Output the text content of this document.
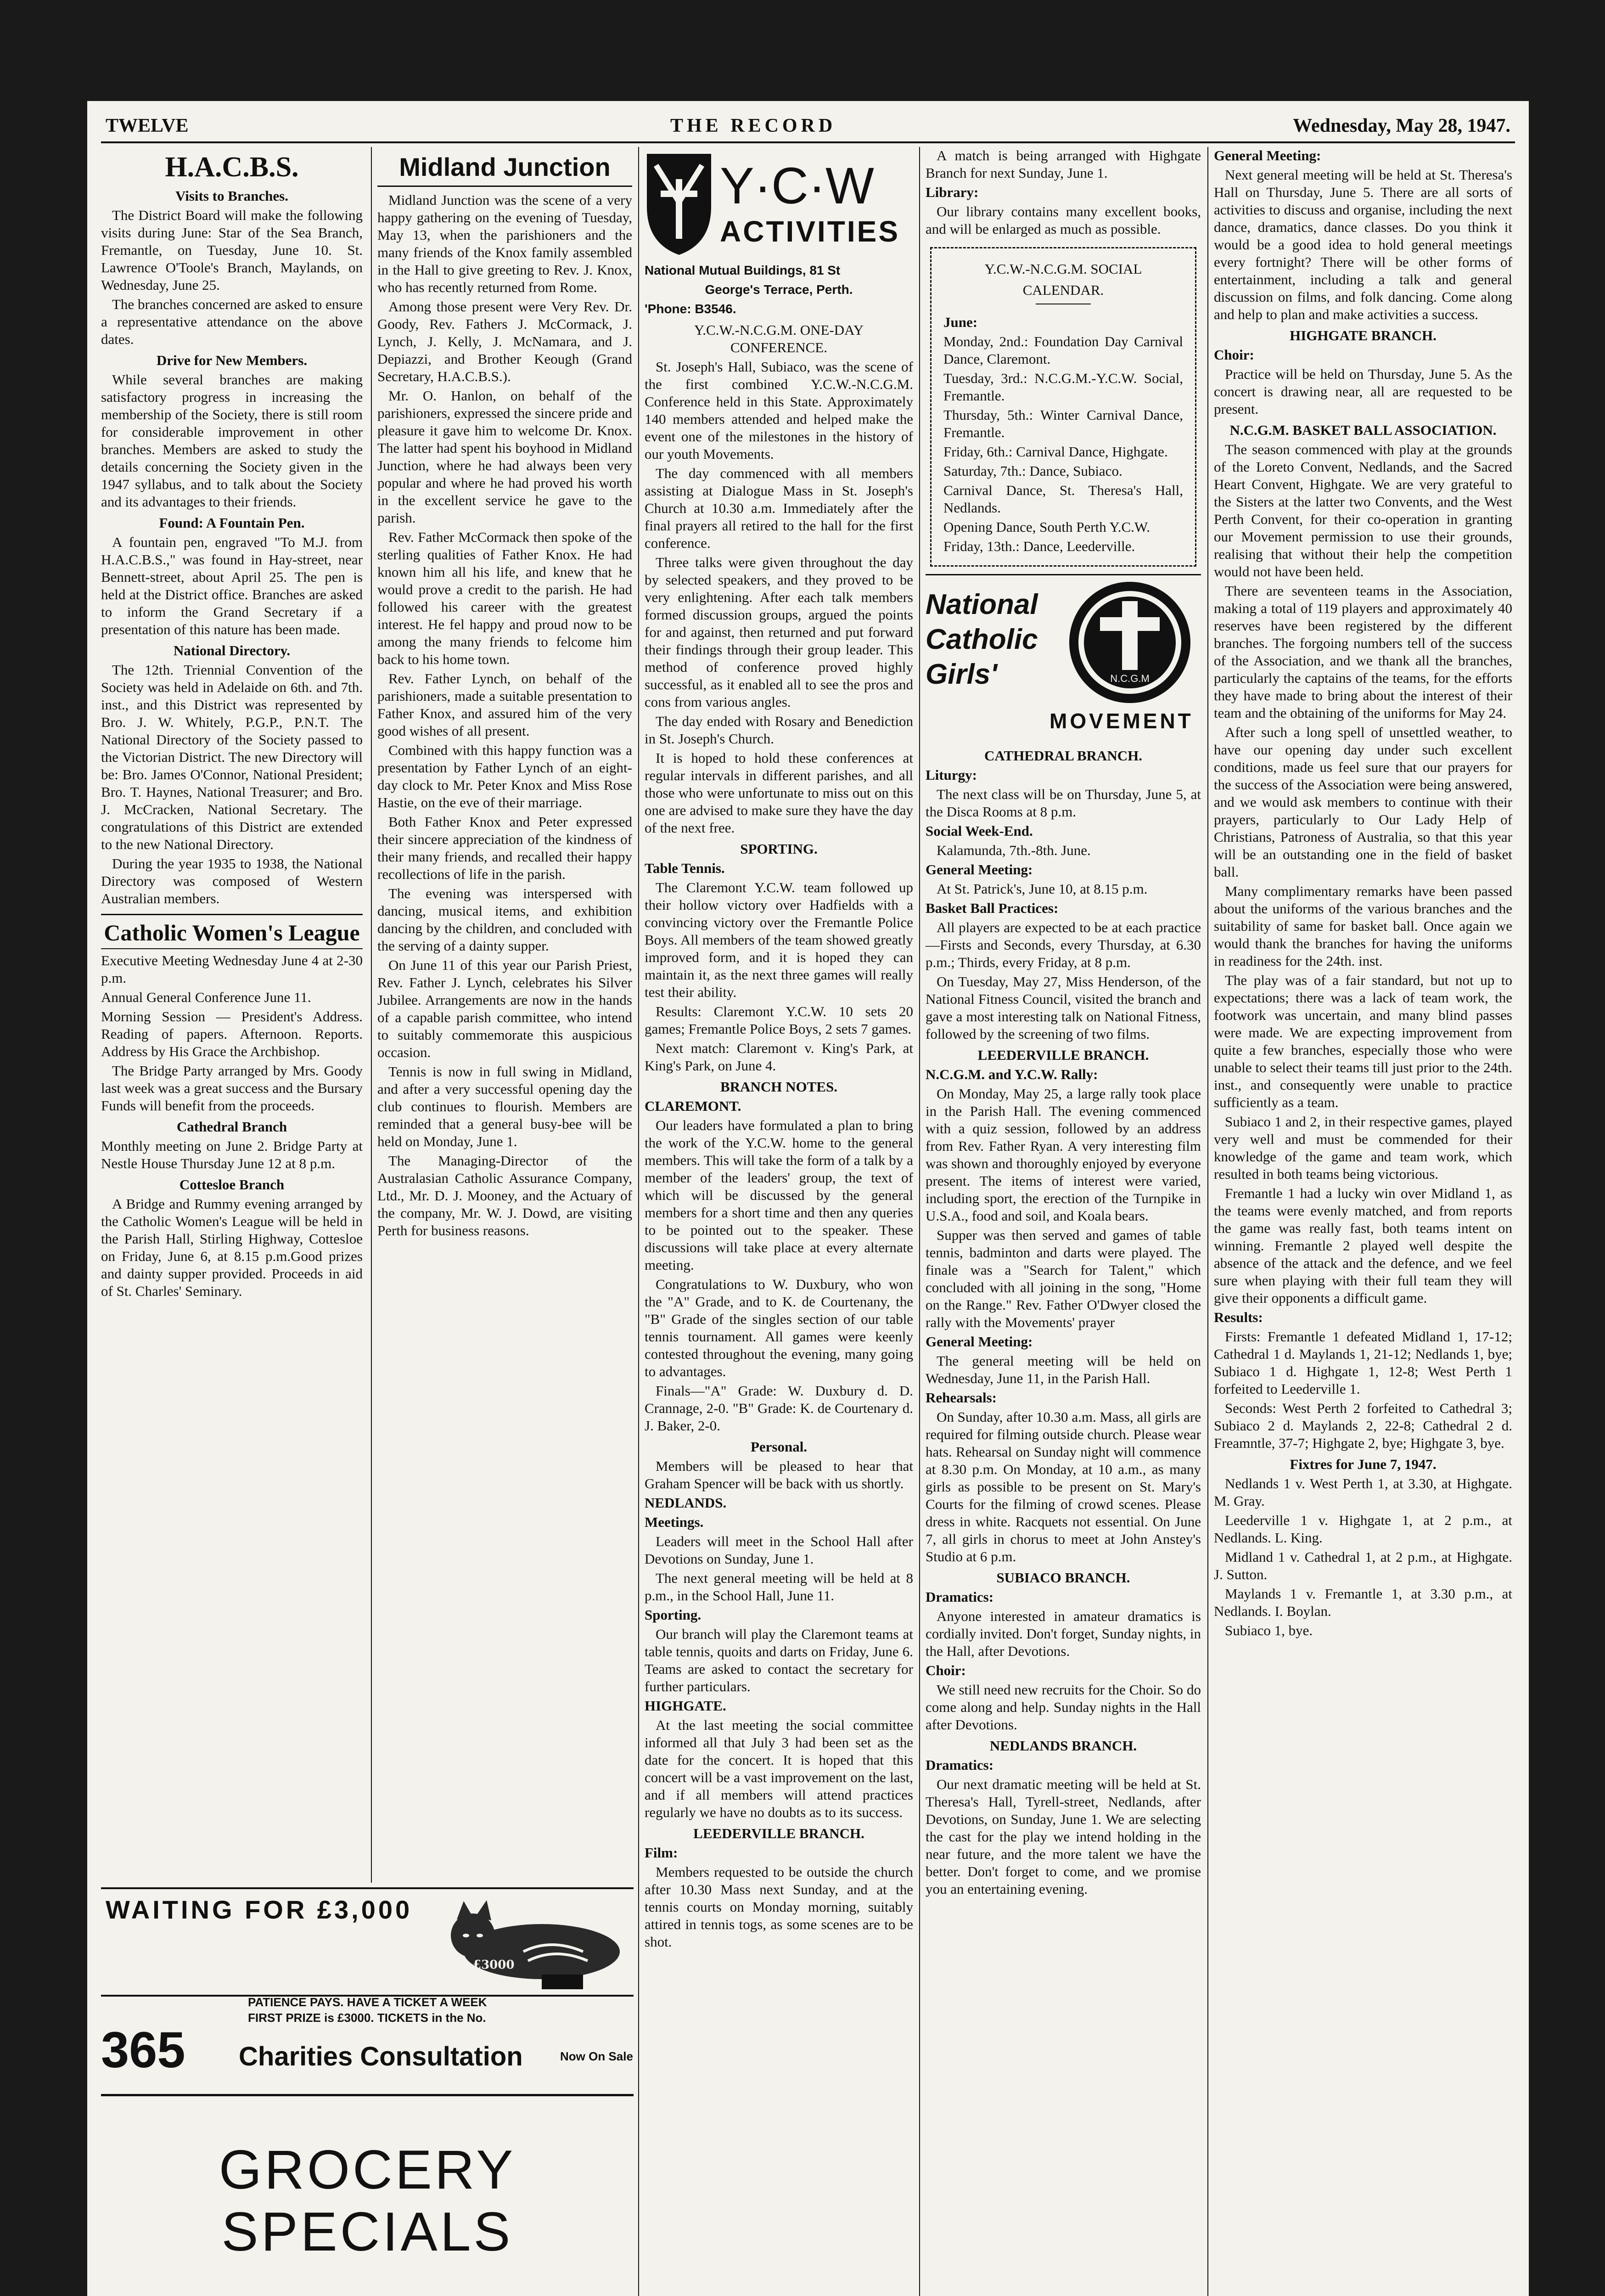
TWELVE	THE RECORD	Wednesday, May 28, 1947.

H.A.C.B.S.

Visits to Branches.

The District Board will make the following visits during June: Star of the Sea Branch, Fremantle, on Tuesday, June 10. St. Lawrence O'Toole's Branch, Maylands, on Wednesday, June 25.

The branches concerned are asked to ensure a representative attendance on the above dates.

Drive for New Members.

While several branches are making satisfactory progress in increasing the membership of the Society, there is still room for considerable improvement in other branches. Members are asked to study the details concerning the Society given in the 1947 syllabus, and to talk about the Society and its advantages to their friends.

Found: A Fountain Pen.

A fountain pen, engraved "To M.J. from H.A.C.B.S.," was found in Hay-street, near Bennett-street, about April 25. The pen is held at the District office. Branches are asked to inform the Grand Secretary if a presentation of this nature has been made.

National Directory.

The 12th. Triennial Convention of the Society was held in Adelaide on 6th. and 7th. inst., and this District was represented by Bro. J. W. Whitely, P.G.P., P.N.T. The National Directory of the Society passed to the Victorian District. The new Directory will be: Bro. James O'Connor, National President; Bro. T. Haynes, National Treasurer; and Bro. J. McCracken, National Secretary. The congratulations of this District are extended to the new National Directory.

During the year 1935 to 1938, the National Directory was composed of Western Australian members.

Catholic Women's League

Executive Meeting Wednesday June 4 at 2-30 p.m.

Annual General Conference June 11.

Morning Session — President's Address. Reading of papers. Afternoon. Reports. Address by His Grace the Archbishop.

The Bridge Party arranged by Mrs. Goody last week was a great success and the Bursary Funds will benefit from the proceeds.

Cathedral Branch

Monthly meeting on June 2. Bridge Party at Nestle House Thursday June 12 at 8 p.m.

Cottesloe Branch

A Bridge and Rummy evening arranged by the Catholic Women's League will be held in the Parish Hall, Stirling Highway, Cottesloe on Friday, June 6, at 8.15 p.m.Good prizes and dainty supper provided. Proceeds in aid of St. Charles' Seminary.

Midland Junction

Midland Junction was the scene of a very happy gathering on the evening of Tuesday, May 13, when the parishioners and the many friends of the Knox family assembled in the Hall to give greeting to Rev. J. Knox, who has recently returned from Rome.

Among those present were Very Rev. Dr. Goody, Rev. Fathers J. McCormack, J. Lynch, J. Kelly, J. McNamara, and J. Depiazzi, and Brother Keough (Grand Secretary, H.A.C.B.S.).

Mr. O. Hanlon, on behalf of the parishioners, expressed the sincere pride and pleasure it gave him to welcome Dr. Knox. The latter had spent his boyhood in Midland Junction, where he had always been very popular and where he had proved his worth in the excellent service he gave to the parish.

Rev. Father McCormack then spoke of the sterling qualities of Father Knox. He had known him all his life, and knew that he would prove a credit to the parish. He had followed his career with the greatest interest. He fel happy and proud now to be among the many friends to felcome him back to his home town.

Rev. Father Lynch, on behalf of the parishioners, made a suitable presentation to Father Knox, and assured him of the very good wishes of all present.

Combined with this happy function was a presentation by Father Lynch of an eight-day clock to Mr. Peter Knox and Miss Rose Hastie, on the eve of their marriage.

Both Father Knox and Peter expressed their sincere appreciation of the kindness of their many friends, and recalled their happy recollections of life in the parish.

The evening was interspersed with dancing, musical items, and exhibition dancing by the children, and concluded with the serving of a dainty supper.

On June 11 of this year our Parish Priest, Rev. Father J. Lynch, celebrates his Silver Jubilee. Arrangements are now in the hands of a capable parish committee, who intend to suitably commemorate this auspicious occasion.

Tennis is now in full swing in Midland, and after a very successful opening day the club continues to flourish. Members are reminded that a general busy-bee will be held on Monday, June 1.

The Managing-Director of the Australasian Catholic Assurance Company, Ltd., Mr. D. J. Mooney, and the Actuary of the company, Mr. W. J. Dowd, are visiting Perth for business reasons.

WAITING FOR £3,000
£3000
PATIENCE PAYS. HAVE A TICKET A WEEK
FIRST PRIZE is £3000. TICKETS in the No.
365 Charities Consultation	Now On Sale
GROCERY
SPECIALS
Y·C·W
ACTIVITIES

National Mutual Buildings, 81 St

George's Terrace, Perth.

'Phone: B3546.

Y.C.W.-N.C.G.M. ONE-DAY CONFERENCE.

St. Joseph's Hall, Subiaco, was the scene of the first combined Y.C.W.-N.C.G.M. Conference held in this State. Approximately 140 members attended and helped make the event one of the milestones in the history of our youth Movements.

The day commenced with all members assisting at Dialogue Mass in St. Joseph's Church at 10.30 a.m. Immediately after the final prayers all retired to the hall for the first conference.

Three talks were given throughout the day by selected speakers, and they proved to be very enlightening. After each talk members formed discussion groups, argued the points for and against, then returned and put forward their findings through their group leader. This method of conference proved highly successful, as it enabled all to see the pros and cons from various angles.

The day ended with Rosary and Benediction in St. Joseph's Church.

It is hoped to hold these conferences at regular intervals in different parishes, and all those who were unfortunate to miss out on this one are advised to make sure they have the day of the next free.

SPORTING.

Table Tennis.

The Claremont Y.C.W. team followed up their hollow victory over Hadfields with a convincing victory over the Fremantle Police Boys. All members of the team showed greatly improved form, and it is hoped they can maintain it, as the next three games will really test their ability.

Results: Claremont Y.C.W. 10 sets 20 games; Fremantle Police Boys, 2 sets 7 games.

Next match: Claremont v. King's Park, at King's Park, on June 4.

BRANCH NOTES.

CLAREMONT.

Our leaders have formulated a plan to bring the work of the Y.C.W. home to the general members. This will take the form of a talk by a member of the leaders' group, the text of which will be discussed by the general members for a short time and then any queries to be pointed out to the speaker. These discussions will take place at every alternate meeting.

Congratulations to W. Duxbury, who won the "A" Grade, and to K. de Courtenany, the "B" Grade of the singles section of our table tennis tournament. All games were keenly contested throughout the evening, many going to advantages.

Finals—"A" Grade: W. Duxbury d. D. Crannage, 2-0. "B" Grade: K. de Courtenary d. J. Baker, 2-0.

Personal.

Members will be pleased to hear that Graham Spencer will be back with us shortly.

NEDLANDS.

Meetings.

Leaders will meet in the School Hall after Devotions on Sunday, June 1.

The next general meeting will be held at 8 p.m., in the School Hall, June 11.

Sporting.

Our branch will play the Claremont teams at table tennis, quoits and darts on Friday, June 6. Teams are asked to contact the secretary for further particulars.

HIGHGATE.

At the last meeting the social committee informed all that July 3 had been set as the date for the concert. It is hoped that this concert will be a vast improvement on the last, and if all members will attend practices regularly we have no doubts as to its success.

LEEDERVILLE BRANCH.

Film:

Members requested to be outside the church after 10.30 Mass next Sunday, and at the tennis courts on Monday morning, suitably attired in tennis togs, as some scenes are to be shot.

A match is being arranged with Highgate Branch for next Sunday, June 1.

Library:

Our library contains many excellent books, and will be enlarged as much as possible.

Y.C.W.-N.C.G.M. SOCIAL

CALENDAR.

June:

Monday, 2nd.: Foundation Day Carnival Dance, Claremont.

Tuesday, 3rd.: N.C.G.M.-Y.C.W. Social, Fremantle.

Thursday, 5th.: Winter Carnival Dance, Fremantle.

Friday, 6th.: Carnival Dance, Highgate.

Saturday, 7th.: Dance, Subiaco.

Carnival Dance, St. Theresa's Hall, Nedlands.

Opening Dance, South Perth Y.C.W.

Friday, 13th.: Dance, Leederville.

National
Catholic
Girls'	N.C.G.M
MOVEMENT

CATHEDRAL BRANCH.

Liturgy:

The next class will be on Thursday, June 5, at the Disca Rooms at 8 p.m.

Social Week-End.

Kalamunda, 7th.-8th. June.

General Meeting:

At St. Patrick's, June 10, at 8.15 p.m.

Basket Ball Practices:

All players are expected to be at each practice—Firsts and Seconds, every Thursday, at 6.30 p.m.; Thirds, every Friday, at 8 p.m.

On Tuesday, May 27, Miss Henderson, of the National Fitness Council, visited the branch and gave a most interesting talk on National Fitness, followed by the screening of two films.

LEEDERVILLE BRANCH.

N.C.G.M. and Y.C.W. Rally:

On Monday, May 25, a large rally took place in the Parish Hall. The evening commenced with a quiz session, followed by an address from Rev. Father Ryan. A very interesting film was shown and thoroughly enjoyed by everyone present. The items of interest were varied, including sport, the erection of the Turnpike in U.S.A., food and soil, and Koala bears.

Supper was then served and games of table tennis, badminton and darts were played. The finale was a "Search for Talent," which concluded with all joining in the song, "Home on the Range." Rev. Father O'Dwyer closed the rally with the Movements' prayer

General Meeting:

The general meeting will be held on Wednesday, June 11, in the Parish Hall.

Rehearsals:

On Sunday, after 10.30 a.m. Mass, all girls are required for filming outside church. Please wear hats. Rehearsal on Sunday night will commence at 8.30 p.m. On Monday, at 10 a.m., as many girls as possible to be present on St. Mary's Courts for the filming of crowd scenes. Please dress in white. Racquets not essential. On June 7, all girls in chorus to meet at John Anstey's Studio at 6 p.m.

SUBIACO BRANCH.

Dramatics:

Anyone interested in amateur dramatics is cordially invited. Don't forget, Sunday nights, in the Hall, after Devotions.

Choir:

We still need new recruits for the Choir. So do come along and help. Sunday nights in the Hall after Devotions.

NEDLANDS BRANCH.

Dramatics:

Our next dramatic meeting will be held at St. Theresa's Hall, Tyrell-street, Nedlands, after Devotions, on Sunday, June 1. We are selecting the cast for the play we intend holding in the near future, and the more talent we have the better. Don't forget to come, and we promise you an entertaining evening.

General Meeting:

Next general meeting will be held at St. Theresa's Hall on Thursday, June 5. There are all sorts of activities to discuss and organise, including the next dance, dramatics, dance classes. Do you think it would be a good idea to hold general meetings every fortnight? There will be other forms of entertainment, including a talk and general discussion on films, and folk dancing. Come along and help to plan and make activities a success.

HIGHGATE BRANCH.

Choir:

Practice will be held on Thursday, June 5. As the concert is drawing near, all are requested to be present.

N.C.G.M. BASKET BALL ASSOCIATION.

The season commenced with play at the grounds of the Loreto Convent, Nedlands, and the Sacred Heart Convent, Highgate. We are very grateful to the Sisters at the latter two Convents, and the West Perth Convent, for their co-operation in granting our Movement permission to use their grounds, realising that without their help the competition would not have been held.

There are seventeen teams in the Association, making a total of 119 players and approximately 40 reserves have been registered by the different branches. The forgoing numbers tell of the success of the Association, and we thank all the branches, particularly the captains of the teams, for the efforts they have made to bring about the interest of their team and the obtaining of the uniforms for May 24.

After such a long spell of unsettled weather, to have our opening day under such excellent conditions, made us feel sure that our prayers for the success of the Association were being answered, and we would ask members to continue with their prayers, particularly to Our Lady Help of Christians, Patroness of Australia, so that this year will be an outstanding one in the field of basket ball.

Many complimentary remarks have been passed about the uniforms of the various branches and the suitability of same for basket ball. Once again we would thank the branches for having the uniforms in readiness for the 24th. inst.

The play was of a fair standard, but not up to expectations; there was a lack of team work, the footwork was uncertain, and many blind passes were made. We are expecting improvement from quite a few branches, especially those who were unable to select their teams till just prior to the 24th. inst., and consequently were unable to practice sufficiently as a team.

Subiaco 1 and 2, in their respective games, played very well and must be commended for their knowledge of the game and team work, which resulted in both teams being victorious.

Fremantle 1 had a lucky win over Midland 1, as the teams were evenly matched, and from reports the game was really fast, both teams intent on winning. Fremantle 2 played well despite the absence of the attack and the defence, and we feel sure when playing with their full team they will give their opponents a difficult game.

Results:

Firsts: Fremantle 1 defeated Midland 1, 17-12; Cathedral 1 d. Maylands 1, 21-12; Nedlands 1, bye; Subiaco 1 d. Highgate 1, 12-8; West Perth 1 forfeited to Leederville 1.

Seconds: West Perth 2 forfeited to Cathedral 3; Subiaco 2 d. Maylands 2, 22-8; Cathedral 2 d. Freamntle, 37-7; Highgate 2, bye; Highgate 3, bye.

Fixtres for June 7, 1947.

Nedlands 1 v. West Perth 1, at 3.30, at Highgate. M. Gray.

Leederville 1 v. Highgate 1, at 2 p.m., at Nedlands. L. King.

Midland 1 v. Cathedral 1, at 2 p.m., at Highgate. J. Sutton.

Maylands 1 v. Fremantle 1, at 3.30 p.m., at Nedlands. I. Boylan.

Subiaco 1, bye.
